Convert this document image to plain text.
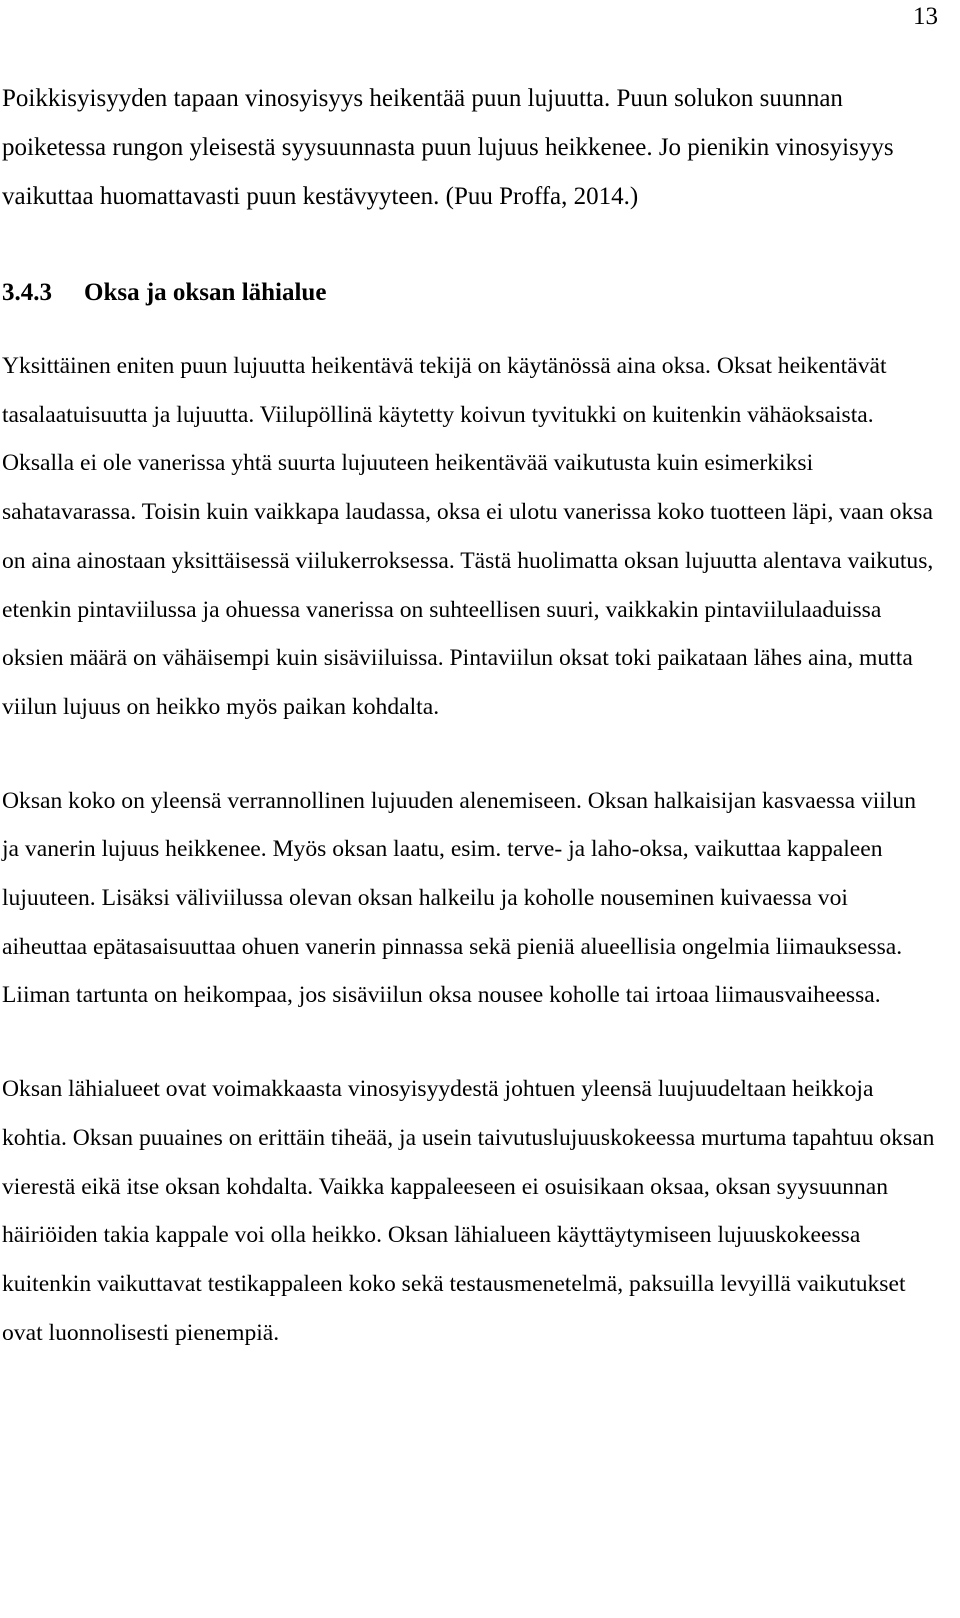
13

Poikkisyisyyden tapaan vinosyisyys heikentää puun lujuutta. Puun solukon suunnan poiketessa rungon yleisestä syysuunnasta puun lujuus heikkenee. Jo pienikin vinosyisyys vaikuttaa huomattavasti puun kestävyyteen. (Puu Proffa, 2014.)

3.4.3 Oksa ja oksan lähialue

Yksittäinen eniten puun lujuutta heikentävä tekijä on käytänössä aina oksa. Oksat heikentävät tasalaatuisuutta ja lujuutta. Viilupöllinä käytetty koivun tyvitukki on kuitenkin vähäoksaista. Oksalla ei ole vanerissa yhtä suurta lujuuteen heikentävää vaikutusta kuin esimerkiksi sahatavarassa. Toisin kuin vaikkapa laudassa, oksa ei ulotu vanerissa koko tuotteen läpi, vaan oksa on aina ainostaan yksittäisessä viilukerroksessa. Tästä huolimatta oksan lujuutta alentava vaikutus, etenkin pintaviilussa ja ohuessa vanerissa on suhteellisen suuri, vaikkakin pintaviilulaaduissa oksien määrä on vähäisempi kuin sisäviiluissa. Pintaviilun oksat toki paikataan lähes aina, mutta viilun lujuus on heikko myös paikan kohdalta.

Oksan koko on yleensä verrannollinen lujuuden alenemiseen. Oksan halkaisijan kasvaessa viilun ja vanerin lujuus heikkenee. Myös oksan laatu, esim. terve- ja laho-oksa, vaikuttaa kappaleen lujuuteen. Lisäksi väliviilussa olevan oksan halkeilu ja koholle nouseminen kuivaessa voi aiheuttaa epätasaisuuttaa ohuen vanerin pinnassa sekä pieniä alueellisia ongelmia liimauksessa. Liiman tartunta on heikompaa, jos sisäviilun oksa nousee koholle tai irtoaa liimausvaiheessa.

Oksan lähialueet ovat voimakkaasta vinosyisyydestä johtuen yleensä luujuudeltaan heikkoja kohtia. Oksan puuaines on erittäin tiheää, ja usein taivutuslujuuskokeessa murtuma tapahtuu oksan vierestä eikä itse oksan kohdalta. Vaikka kappaleeseen ei osuisikaan oksaa, oksan syysuunnan häiriöiden takia kappale voi olla heikko. Oksan lähialueen käyttäytymiseen lujuuskokeessa kuitenkin vaikuttavat testikappaleen koko sekä testausmenetelmä, paksuilla levyillä vaikutukset ovat luonnolisesti pienempiä.
